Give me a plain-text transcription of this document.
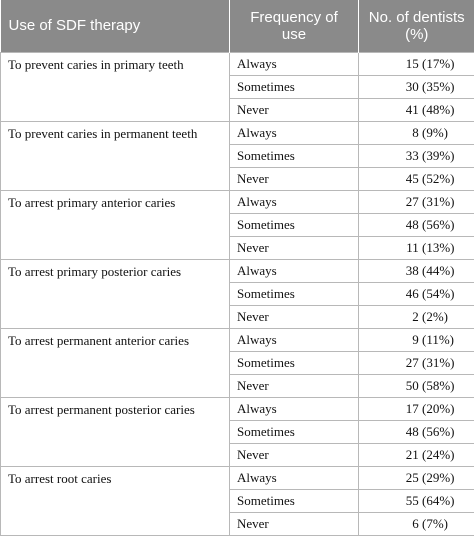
Use of SDF therapy	Frequency of use	No. of dentists (%)
To prevent caries in primary teeth	Always	15 (17%)
	Sometimes	30 (35%)
	Never	41 (48%)
To prevent caries in permanent teeth	Always	8 (9%)
	Sometimes	33 (39%)
	Never	45 (52%)
To arrest primary anterior caries	Always	27 (31%)
	Sometimes	48 (56%)
	Never	11 (13%)
To arrest primary posterior caries	Always	38 (44%)
	Sometimes	46 (54%)
	Never	2 (2%)
To arrest permanent anterior caries	Always	9 (11%)
	Sometimes	27 (31%)
	Never	50 (58%)
To arrest permanent posterior caries	Always	17 (20%)
	Sometimes	48 (56%)
	Never	21 (24%)
To arrest root caries	Always	25 (29%)
	Sometimes	55 (64%)
	Never	6 (7%)
